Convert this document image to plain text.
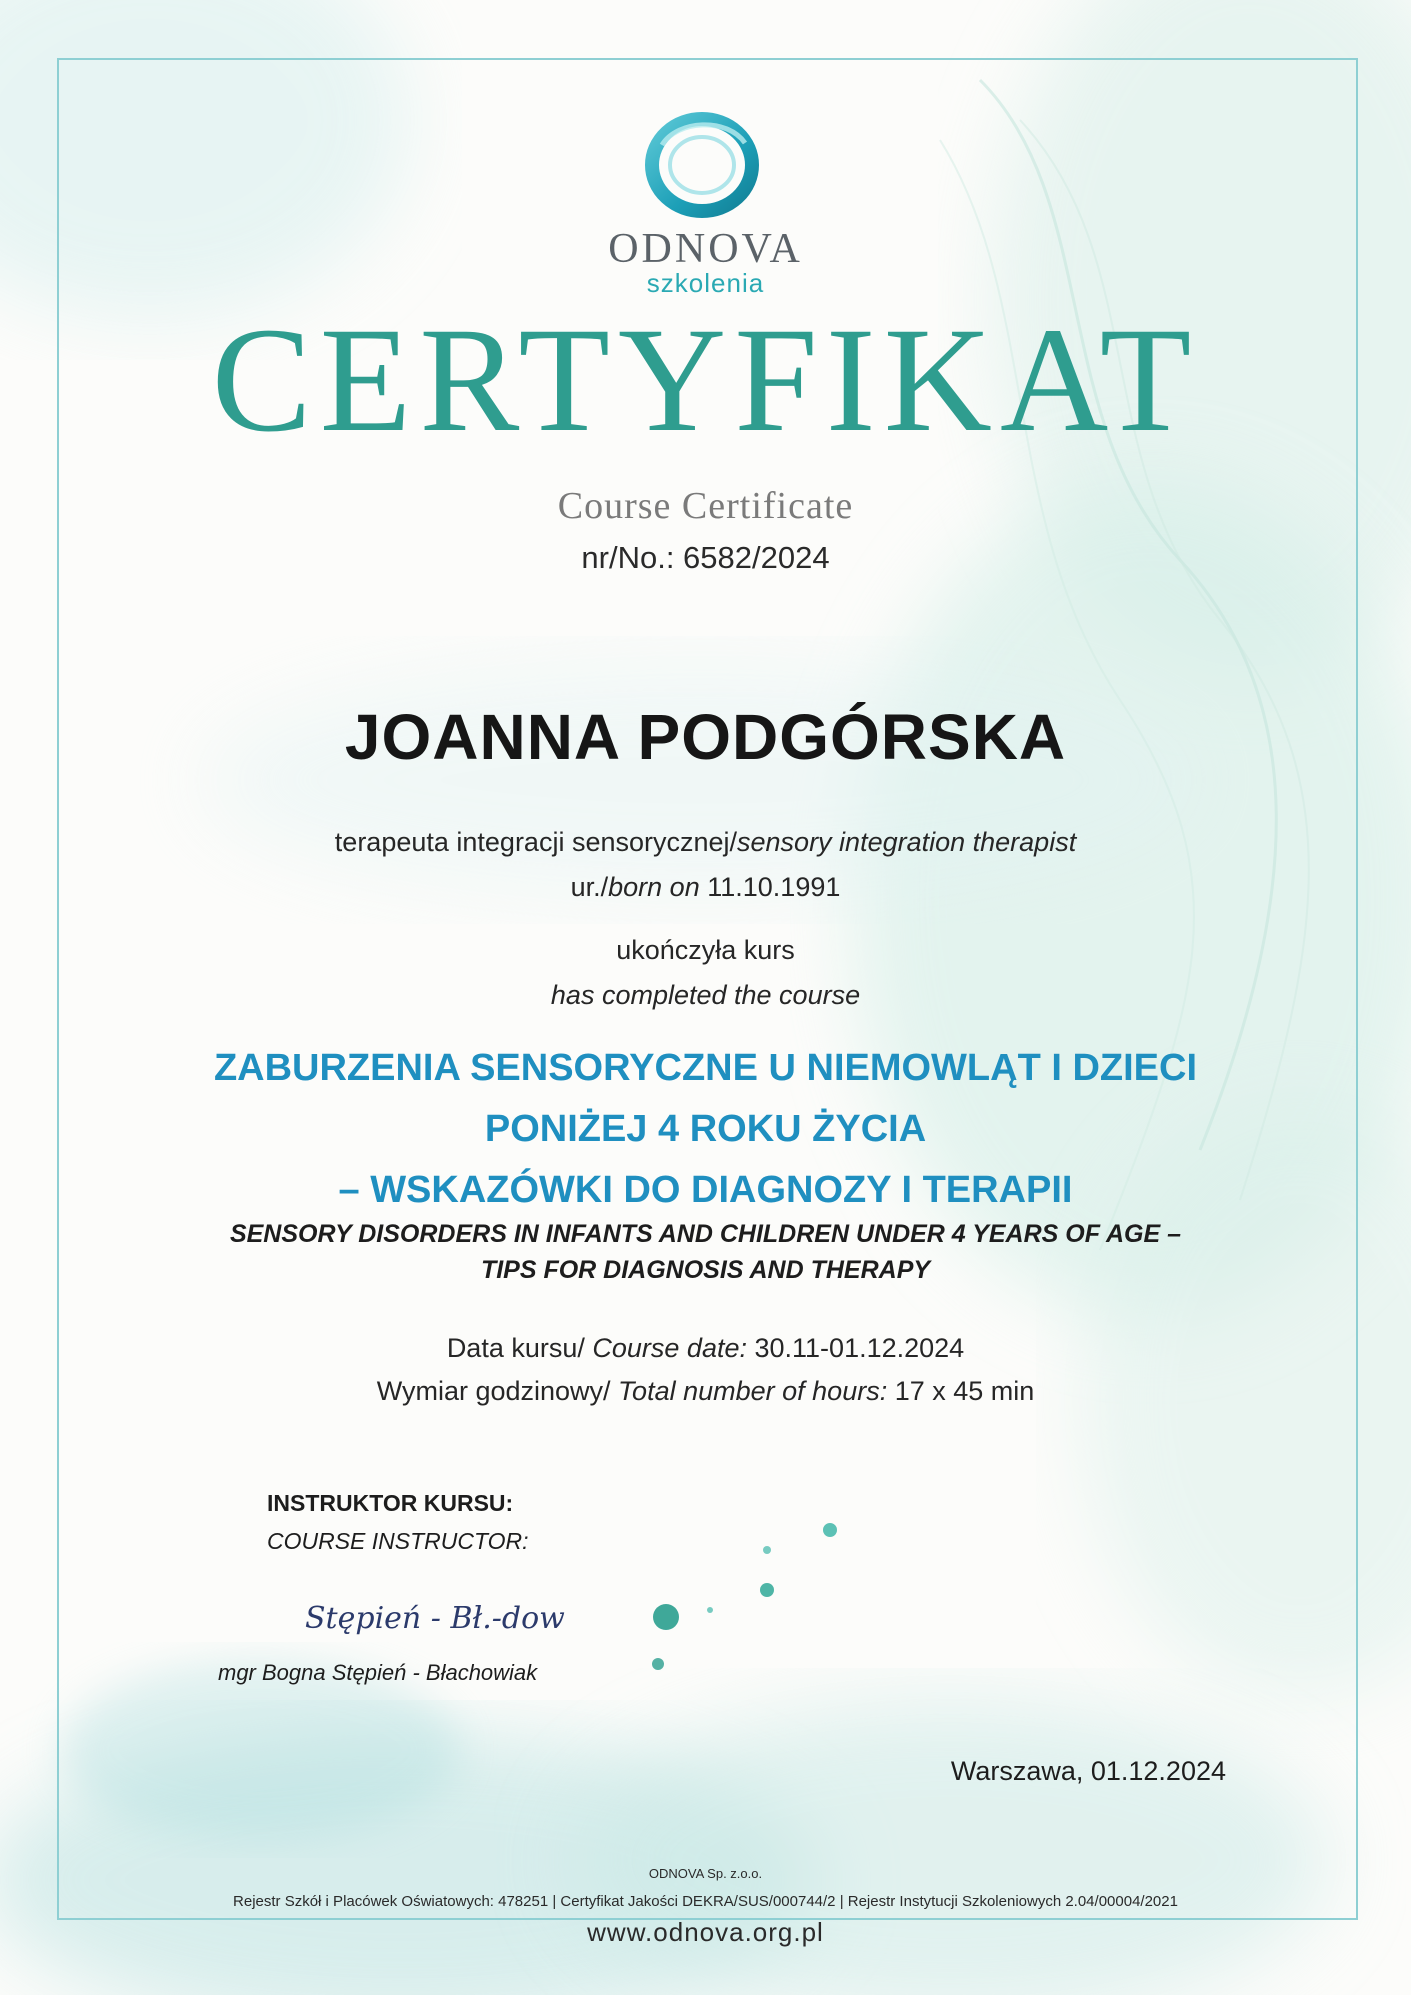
ODNOVA
szkolenia
CERTYFIKAT
Course Certificate
nr/No.: 6582/2024
JOANNA PODGÓRSKA
terapeuta integracji sensorycznej/sensory integration therapist
ur./born on 11.10.1991
ukończyła kurs
has completed the course
ZABURZENIA SENSORYCZNE U NIEMOWLĄT I DZIECI
PONIŻEJ 4 ROKU ŻYCIA
– WSKAZÓWKI DO DIAGNOZY I TERAPII
SENSORY DISORDERS IN INFANTS AND CHILDREN UNDER 4 YEARS OF AGE –
TIPS FOR DIAGNOSIS AND THERAPY
Data kursu/ Course date: 30.11-01.12.2024
Wymiar godzinowy/ Total number of hours: 17 x 45 min
INSTRUKTOR KURSU:
COURSE INSTRUCTOR:
Stępień - Bł.-dow
mgr Bogna Stępień - Błachowiak
Warszawa, 01.12.2024
ODNOVA Sp. z.o.o.
Rejestr Szkół i Placówek Oświatowych: 478251 | Certyfikat Jakości DEKRA/SUS/000744/2 | Rejestr Instytucji Szkoleniowych 2.04/00004/2021
www.odnova.org.pl
